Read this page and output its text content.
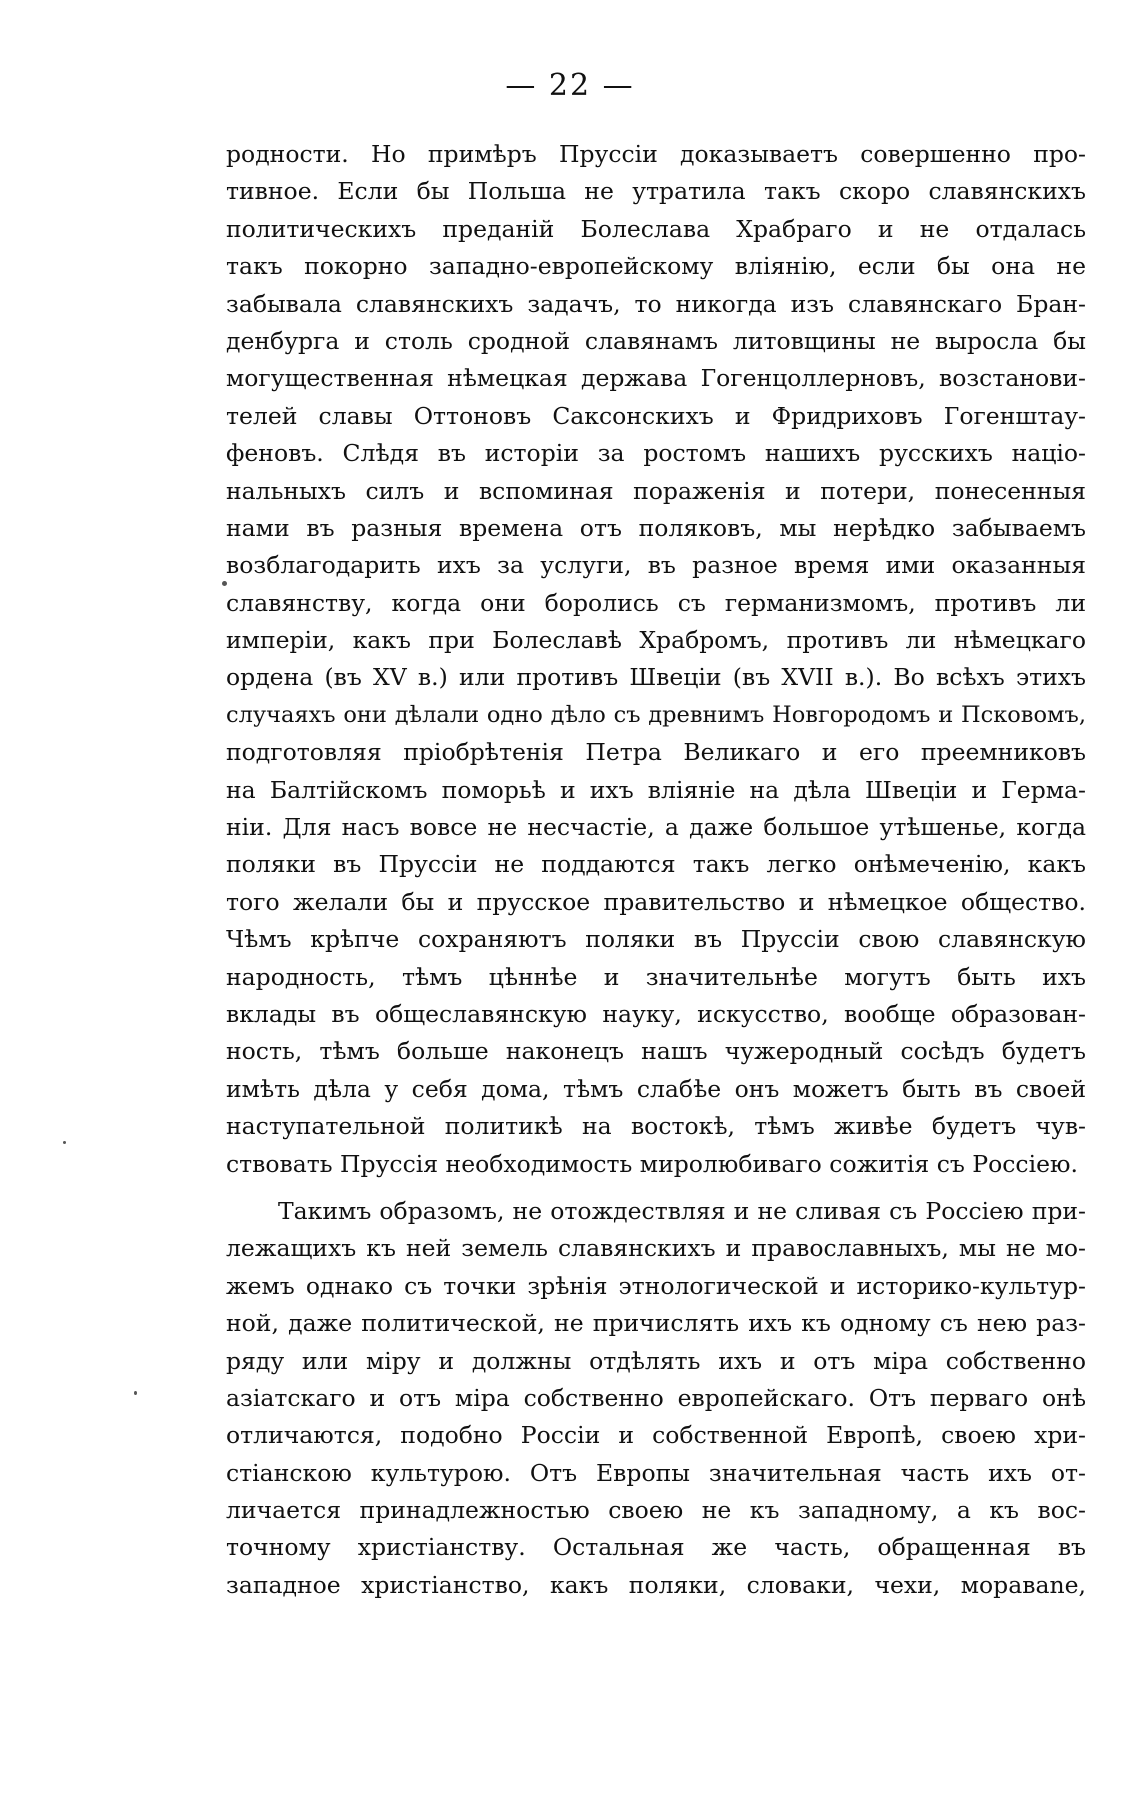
— 22 —
родности. Но примѣръ Пруссіи доказываетъ совершенно про-
тивное. Если бы Польша не утратила такъ скоро славянскихъ
политическихъ преданій Болеслава Храбраго и не отдалась
такъ покорно западно-европейскому вліянію, если бы она не
забывала славянскихъ задачъ, то никогда изъ славянскаго Бран-
денбурга и столь сродной славянамъ литовщины не выросла бы
могущественная нѣмецкая держава Гогенцоллерновъ, возстанови-
телей славы Оттоновъ Саксонскихъ и Фридриховъ Гогенштау-
феновъ. Слѣдя въ исторіи за ростомъ нашихъ русскихъ націо-
нальныхъ силъ и вспоминая пораженія и потери, понесенныя
нами въ разныя времена отъ поляковъ, мы нерѣдко забываемъ
возблагодарить ихъ за услуги, въ разное время ими оказанныя
славянству, когда они боролись съ германизмомъ, противъ ли
имперіи, какъ при Болеславѣ Храбромъ, противъ ли нѣмецкаго
ордена (въ XV в.) или противъ Швеціи (въ XVII в.). Во всѣхъ этихъ
случаяхъ они дѣлали одно дѣло съ древнимъ Новгородомъ и Псковомъ,
подготовляя пріобрѣтенія Петра Великаго и его преемниковъ
на Балтійскомъ поморьѣ и ихъ вліяніе на дѣла Швеціи и Герма-
ніи. Для насъ вовсе не несчастіе, а даже большое утѣшенье, когда
поляки въ Пруссіи не поддаются такъ легко онѣмеченію, какъ
того желали бы и прусское правительство и нѣмецкое общество.
Чѣмъ крѣпче сохраняютъ поляки въ Пруссіи свою славянскую
народность, тѣмъ цѣннѣе и значительнѣе могутъ быть ихъ
вклады въ общеславянскую науку, искусство, вообще образован-
ность, тѣмъ больше наконецъ нашъ чужеродный сосѣдъ будетъ
имѣть дѣла у себя дома, тѣмъ слабѣе онъ можетъ быть въ своей
наступательной политикѣ на востокѣ, тѣмъ живѣе будетъ чув-
ствовать Пруссія необходимость миролюбиваго сожитія съ Россіею.
Такимъ образомъ, не отождествляя и не сливая съ Россіею при-
лежащихъ къ ней земель славянскихъ и православныхъ, мы не мо-
жемъ однако съ точки зрѣнія этнологической и историко-культур-
ной, даже политической, не причислять ихъ къ одному съ нею раз-
ряду или міру и должны отдѣлять ихъ и отъ міра собственно
азіатскаго и отъ міра собственно европейскаго. Отъ перваго онѣ
отличаются, подобно Россіи и собственной Европѣ, своею хри-
стіанскою культурою. Отъ Европы значительная часть ихъ от-
личается принадлежностью своею не къ западному, а къ вос-
точному христіанству. Остальная же часть, обращенная въ
западное христіанство, какъ поляки, словаки, чехи, моравane,
